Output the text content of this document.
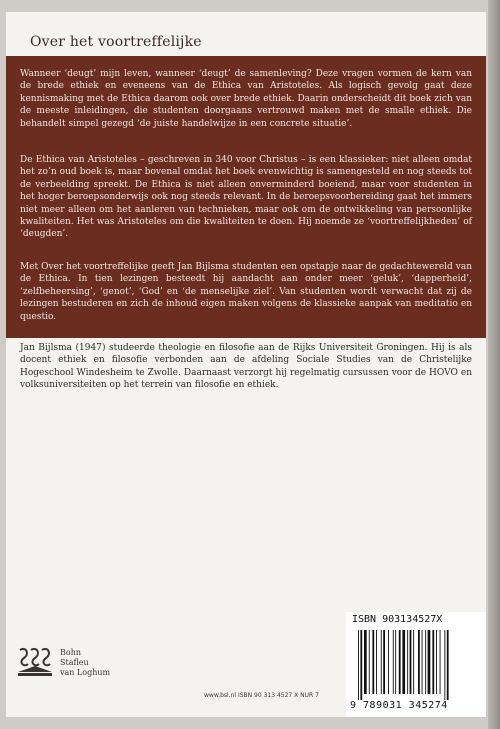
Over het voortreffelijke

Wanneer ‘deugt’ mijn leven, wanneer ‘deugt’ de samenleving? Deze vragen vormen de kern van de brede ethiek en eveneens van de Ethica van Aristoteles. Als logisch gevolg gaat deze kennismaking met de Ethica daarom ook over brede ethiek. Daarin onderscheidt dit boek zich van de meeste inleidingen, die studenten doorgaans vertrouwd maken met de smalle ethiek. Die behandelt simpel gezegd ‘de juiste handelwijze in een concrete situatie’.

De Ethica van Aristoteles – geschreven in 340 voor Christus – is een klassieker: niet alleen omdat het zo’n oud boek is, maar bovenal omdat het boek evenwichtig is samengesteld en nog steeds tot de verbeelding spreekt. De Ethica is niet alleen onverminderd boeiend, maar voor studenten in het hoger beroepsonderwijs ook nog steeds relevant. In de beroepsvoorbereiding gaat het immers niet meer alleen om het aanleren van technieken, maar ook om de ontwikkeling van persoonlijke kwaliteiten. Het was Aristoteles om die kwaliteiten te doen. Hij noemde ze ‘voortreffelijkheden’ of ‘deugden’.

Met Over het voortreffelijke geeft Jan Bijlsma studenten een opstapje naar de gedachtewereld van de Ethica. In tien lezingen besteedt hij aandacht aan onder meer ‘geluk’, ‘dapperheid’, ‘zelfbeheersing’, ‘genot’, ‘God’ en ‘de menselijke ziel’. Van studenten wordt verwacht dat zij de lezingen bestuderen en zich de inhoud eigen maken volgens de klassieke aanpak van meditatio en questio.

Jan Bijlsma (1947) studeerde theologie en filosofie aan de Rijks Universiteit Groningen. Hij is als docent ethiek en filosofie verbonden aan de afdeling Sociale Studies van de Christelijke Hogeschool Windesheim te Zwolle. Daarnaast verzorgt hij regelmatig cursussen voor de HOVO en volksuniversiteiten op het terrein van filosofie en ethiek.

Bohn
Stafleu
van Loghum
www.bsl.nl ISBN 90 313 4527 X NUR 7
ISBN 903134527X
9 789031 345274
